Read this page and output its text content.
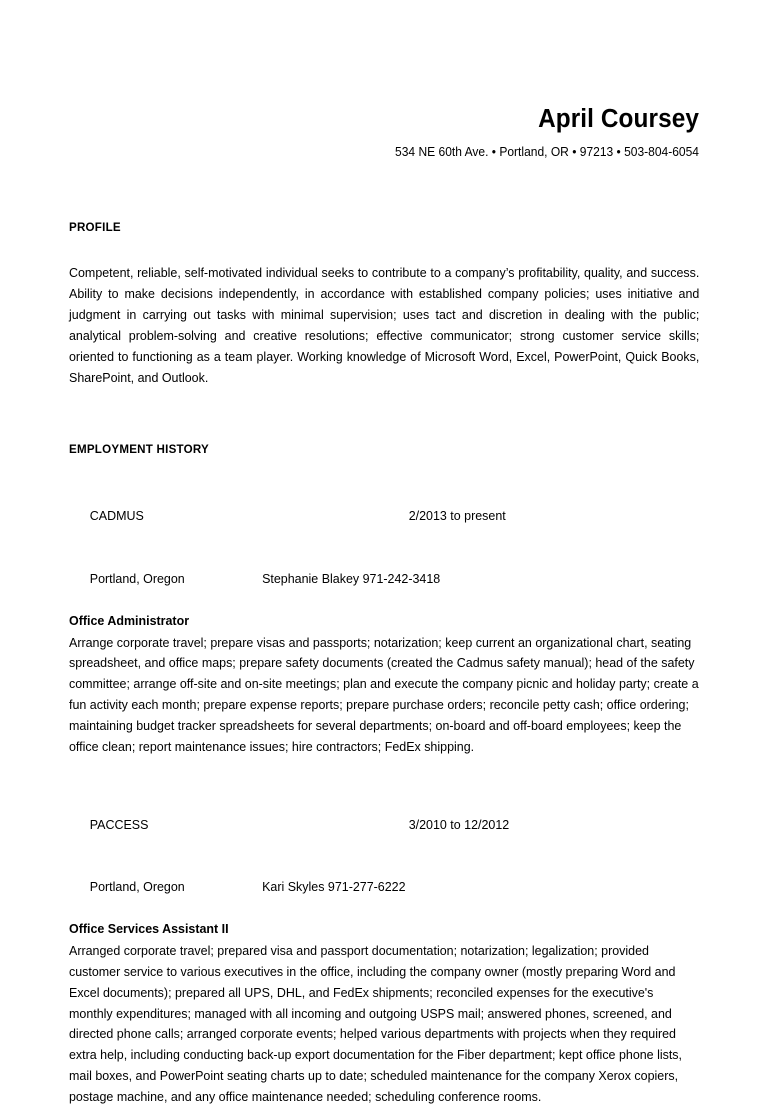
April Coursey
534 NE 60th Ave. • Portland, OR • 97213 • 503-804-6054
PROFILE
Competent, reliable, self-motivated individual seeks to contribute to a company’s profitability, quality, and success. Ability to make decisions independently, in accordance with established company policies; uses initiative and judgment in carrying out tasks with minimal supervision; uses tact and discretion in dealing with the public; analytical problem-solving and creative resolutions; effective communicator; strong customer service skills; oriented to functioning as a team player. Working knowledge of Microsoft Word, Excel, PowerPoint, Quick Books, SharePoint, and Outlook.
EMPLOYMENT HISTORY

CADMUS	2/2013 to present

Portland, Oregon	Stephanie Blakey 971-242-3418

Office Administrator
Arrange corporate travel; prepare visas and passports; notarization; keep current an organizational chart, seating spreadsheet, and office maps; prepare safety documents (created the Cadmus safety manual); head of the safety committee; arrange off-site and on-site meetings; plan and execute the company picnic and holiday party; create a fun activity each month; prepare expense reports; prepare purchase orders; reconcile petty cash; office ordering; maintaining budget tracker spreadsheets for several departments; on-board and off-board employees; keep the office clean; report maintenance issues; hire contractors; FedEx shipping.

PACCESS	3/2010 to 12/2012

Portland, Oregon	Kari Skyles 971-277-6222

Office Services Assistant II
Arranged corporate travel; prepared visa and passport documentation; notarization; legalization; provided customer service to various executives in the office, including the company owner (mostly preparing Word and Excel documents); prepared all UPS, DHL, and FedEx shipments; reconciled expenses for the executive's monthly expenditures; managed with all incoming and outgoing USPS mail; answered phones, screened, and directed phone calls; arranged corporate events; helped various departments with projects when they required extra help, including conducting back-up export documentation for the Fiber department; kept office phone lists, mail boxes, and PowerPoint seating charts up to date; scheduled maintenance for the company Xerox copiers, postage machine, and any office maintenance needed; scheduling conference rooms.
